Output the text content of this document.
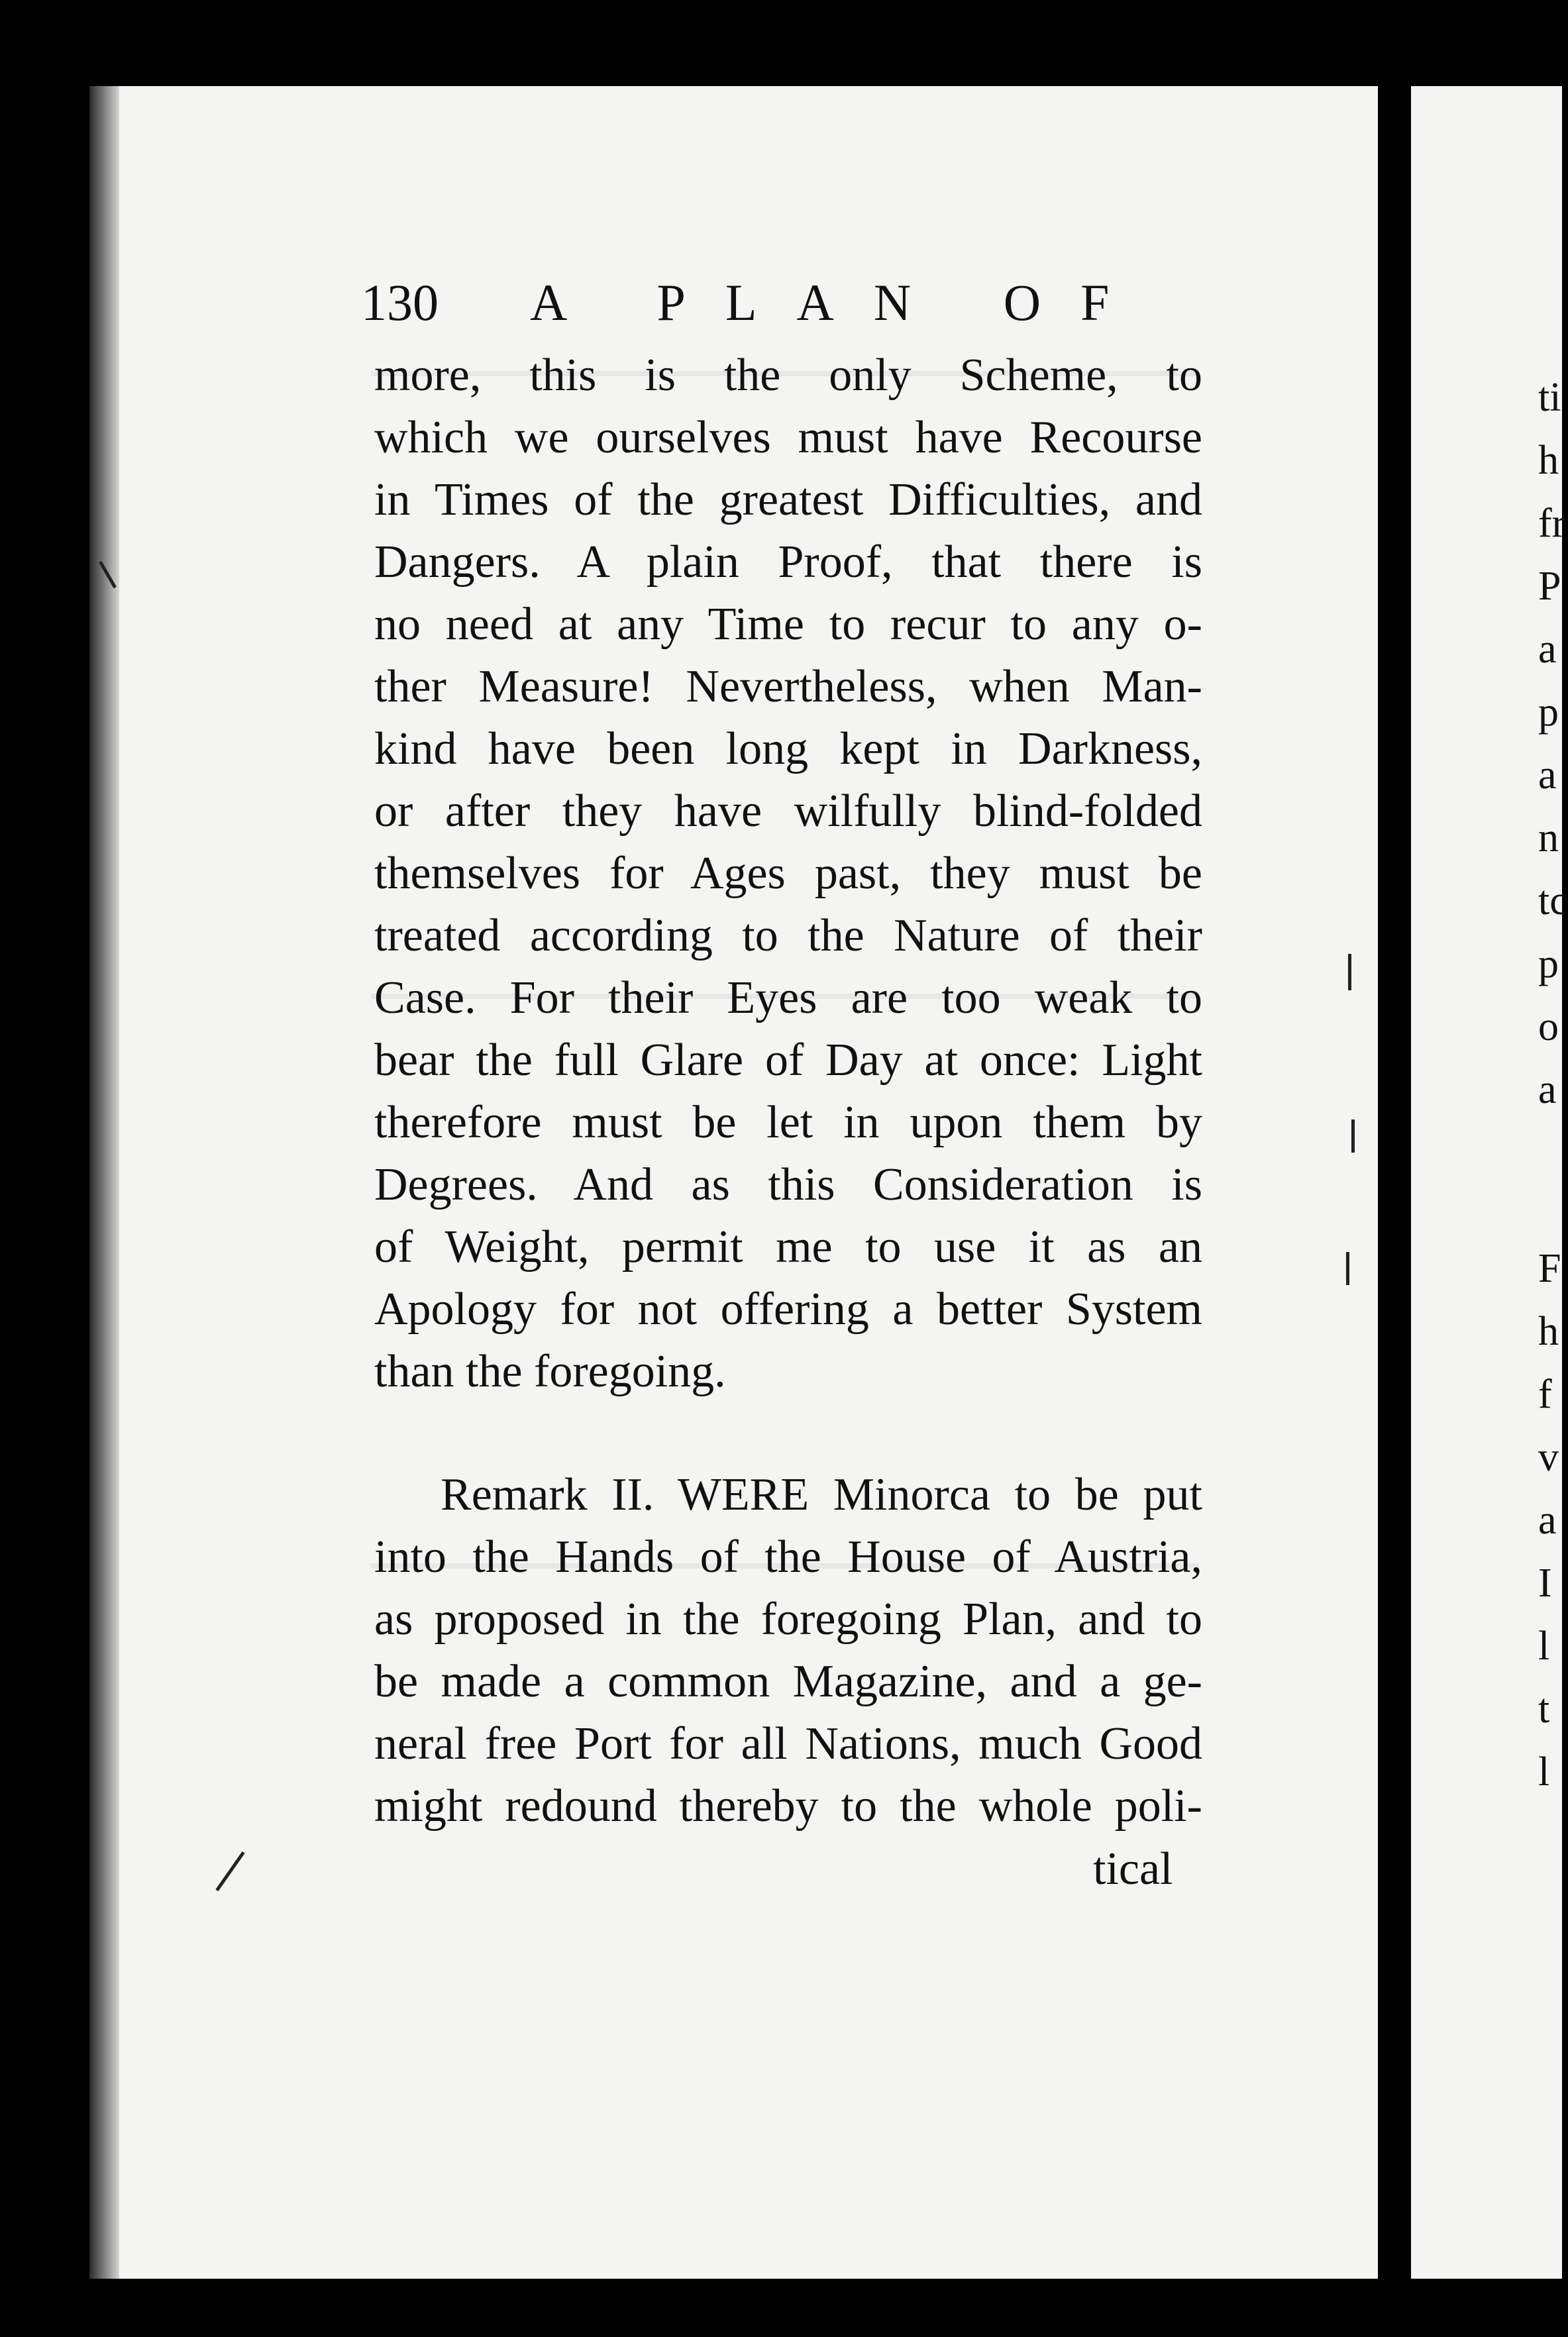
130 A PLAN OF
more, this is the only Scheme, to
which we ourselves must have Recourse
in Times of the greatest Difficulties, and
Dangers. A plain Proof, that there is
no need at any Time to recur to any o-
ther Measure! Nevertheless, when Man-
kind have been long kept in Darkness,
or after they have wilfully blind-folded
themselves for Ages past, they must be
treated according to the Nature of their
Case. For their Eyes are too weak to
bear the full Glare of Day at once: Light
therefore must be let in upon them by
Degrees. And as this Consideration is
of Weight, permit me to use it as an
Apology for not offering a better System
than the foregoing.
Remark II. WERE Minorca to be put
into the Hands of the House of Austria,
as proposed in the foregoing Plan, and to
be made a common Magazine, and a ge-
neral free Port for all Nations, much Good
might redound thereby to the whole poli-
tical
ti
h
fr
P
a
p
a
n
tc
p
o
a
F
h
f
v
a
I
l
t
l
